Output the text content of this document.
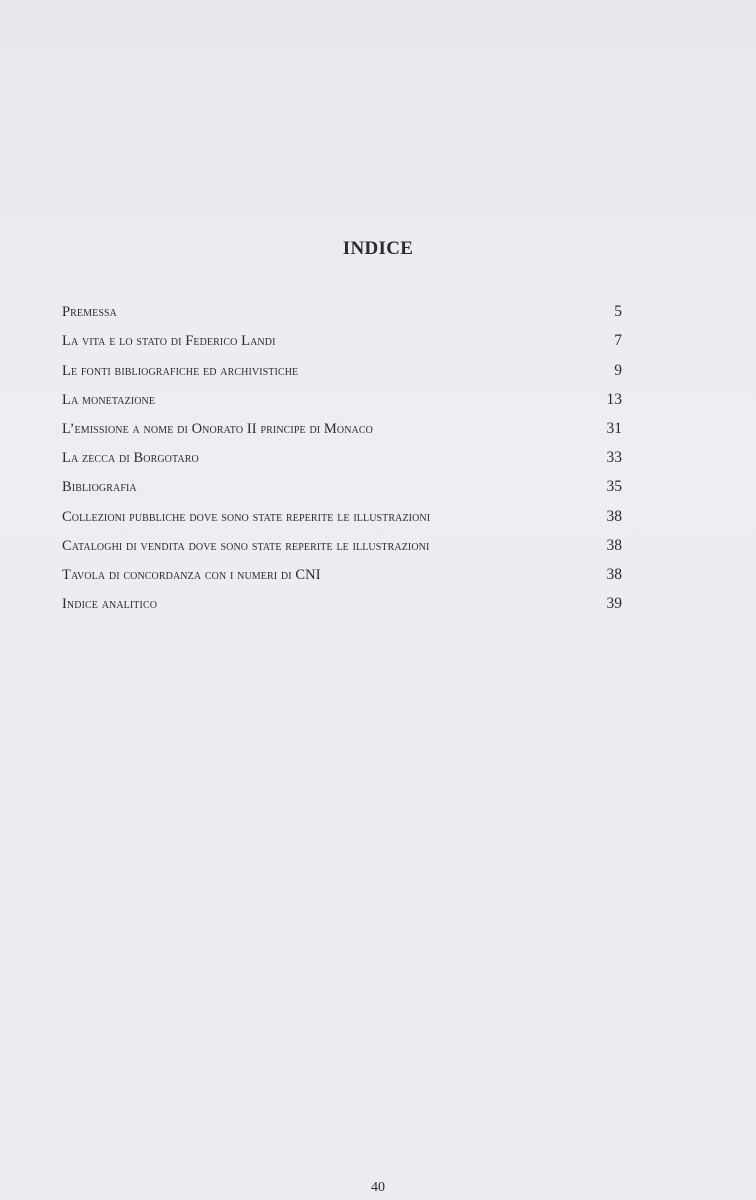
INDICE
Premessa	5
La vita e lo stato di Federico Landi	7
Le fonti bibliografiche ed archivistiche	9
La monetazione	13
L’emissione a nome di Onorato II principe di Monaco	31
La zecca di Borgotaro	33
Bibliografia	35
Collezioni pubbliche dove sono state reperite le illustrazioni	38
Cataloghi di vendita dove sono state reperite le illustrazioni	38
Tavola di concordanza con i numeri di CNI	38
Indice analitico	39
40
